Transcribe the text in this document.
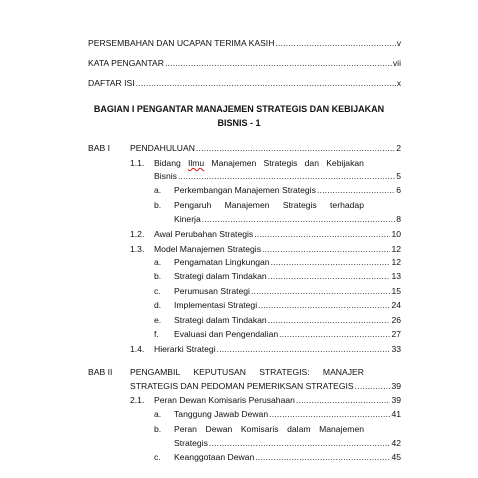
PERSEMBAHAN DAN UCAPAN TERIMA KASIH .....	v
KATA PENGANTAR .....	vii
DAFTAR ISI .....	x
BAGIAN I PENGANTAR MANAJEMEN STRATEGIS DAN KEBIJAKAN
BISNIS - 1
BAB I PENDAHULUAN .....	2
1.1. Bidang Ilmu Manajemen Strategis dan Kebijakan
Bisnis .....	5
a. Perkembangan Manajemen Strategis .....	6
b. Pengaruh Manajemen Strategis terhadap
Kinerja .....	8
1.2. Awal Perubahan Strategis .....	10
1.3. Model Manajemen Strategis .....	12
a. Pengamatan Lingkungan .....	12
b. Strategi dalam Tindakan .....	13
c. Perumusan Strategi .....	15
d. Implementasi Strategi .....	24
e. Strategi dalam Tindakan .....	26
f. Evaluasi dan Pengendalian .....	27
1.4. Hierarki Strategi .....	33
BAB II PENGAMBIL KEPUTUSAN STRATEGIS: MANAJER
STRATEGIS DAN PEDOMAN PEMERIKSAN STRATEGIS .....	39
2.1. Peran Dewan Komisaris Perusahaan .....	39
a. Tanggung Jawab Dewan .....	41
b. Peran Dewan Komisaris dalam Manajemen
Strategis .....	42
c. Keanggotaan Dewan .....	45
